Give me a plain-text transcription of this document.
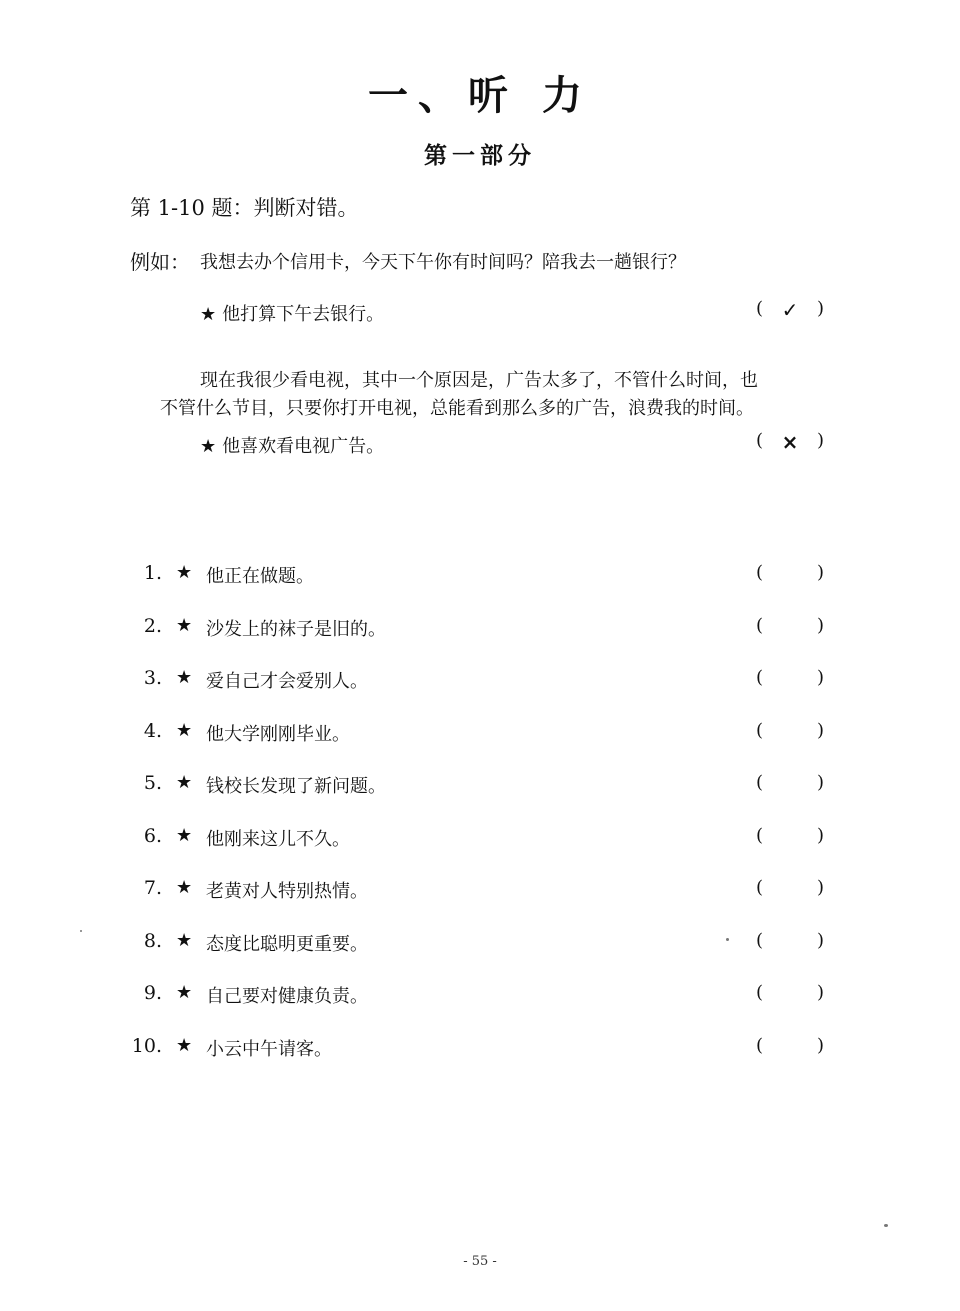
一、听 力
第一部分
第 1-10 题：判断对错。
例如： 我想去办个信用卡，今天下午你有时间吗？陪我去一趟银行？
★ 他打算下午去银行。	( ✓ )
现在我很少看电视，其中一个原因是，广告太多了，不管什么时间，也
不管什么节目，只要你打开电视，总能看到那么多的广告，浪费我的时间。
★ 他喜欢看电视广告。	( × )
1. ★ 他正在做题。	(	)
2. ★ 沙发上的袜子是旧的。	(	)
3. ★ 爱自己才会爱别人。	(	)
4. ★ 他大学刚刚毕业。	(	)
5. ★ 钱校长发现了新问题。	(	)
6. ★ 他刚来这儿不久。	(	)
7. ★ 老黄对人特别热情。	(	)
8. ★ 态度比聪明更重要。	(	)
9. ★ 自己要对健康负责。	(	)
10. ★ 小云中午请客。	(	)
- 55 -
